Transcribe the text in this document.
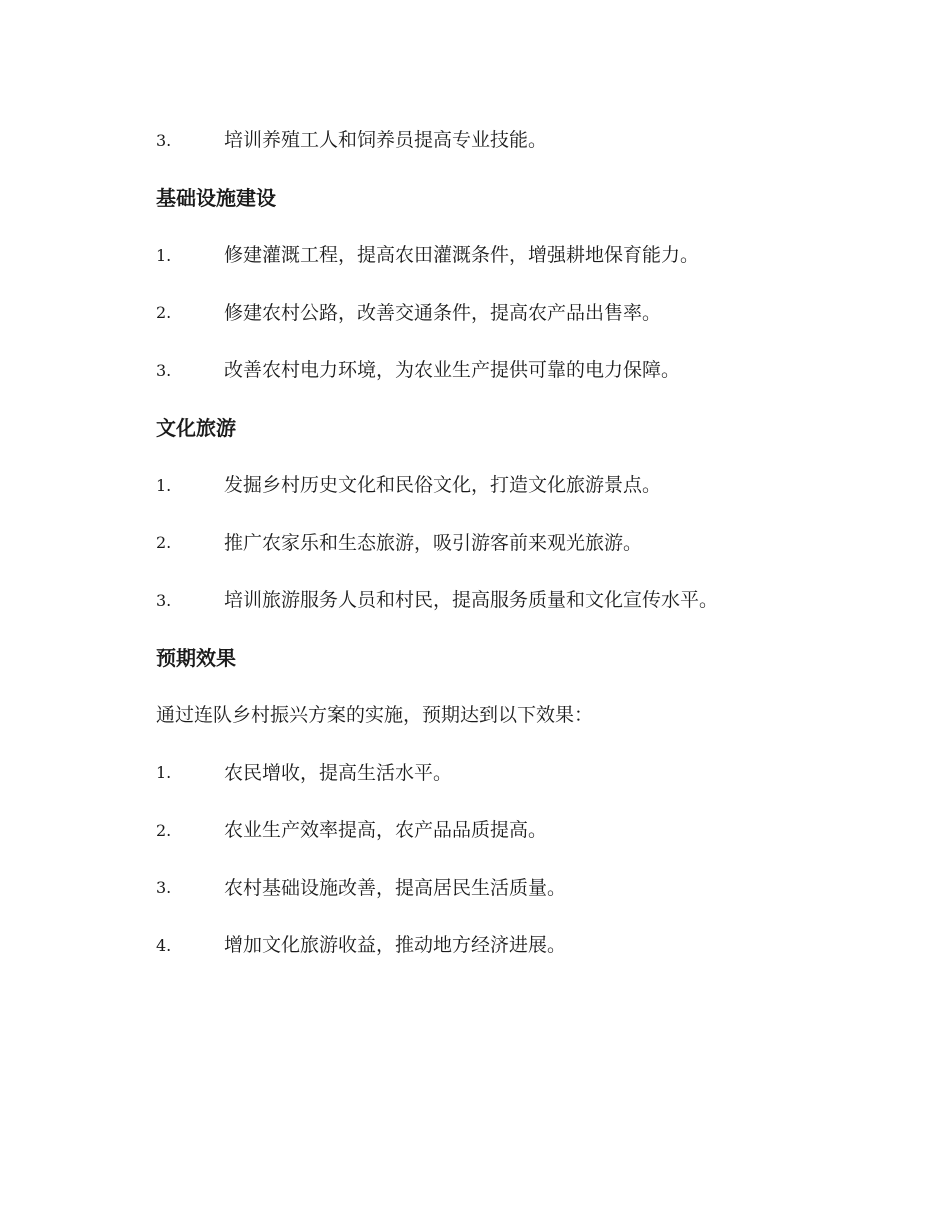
3.	培训养殖工人和饲养员提高专业技能。
基础设施建设
1.	修建灌溉工程，提高农田灌溉条件，增强耕地保育能力。
2.	修建农村公路，改善交通条件，提高农产品出售率。
3.	改善农村电力环境，为农业生产提供可靠的电力保障。
文化旅游
1.	发掘乡村历史文化和民俗文化，打造文化旅游景点。
2.	推广农家乐和生态旅游，吸引游客前来观光旅游。
3.	培训旅游服务人员和村民，提高服务质量和文化宣传水平。
预期效果
通过连队乡村振兴方案的实施，预期达到以下效果：
1.	农民增收，提高生活水平。
2.	农业生产效率提高，农产品品质提高。
3.	农村基础设施改善，提高居民生活质量。
4.	增加文化旅游收益，推动地方经济进展。
